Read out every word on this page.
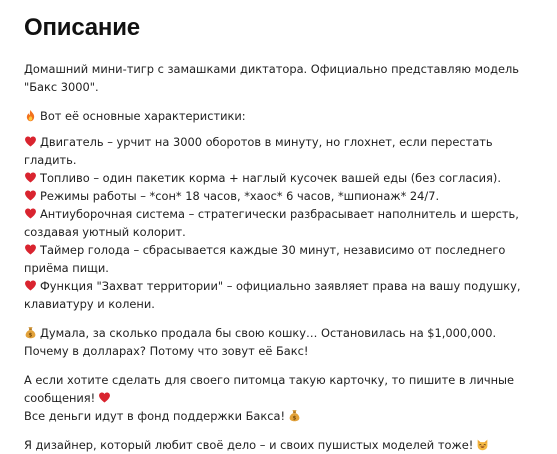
Описание

Домашний мини-тигр с замашками диктатора. Официально представляю модель "Бакс 3000".

Вот её основные характеристики:

Двигатель – урчит на 3000 оборотов в минуту, но глохнет, если перестать гладить.
Топливо – один пакетик корма + наглый кусочек вашей еды (без согласия).
Режимы работы – *сон* 18 часов, *хаос* 6 часов, *шпионаж* 24/7.
Антиуборочная система – стратегически разбрасывает наполнитель и шерсть, создавая уютный колорит.
Таймер голода – сбрасывается каждые 30 минут, независимо от последнего приёма пищи.
Функция "Захват территории" – официально заявляет права на вашу подушку, клавиатуру и колени.

$ Думала, за сколько продала бы свою кошку… Остановилась на $1,000,000. Почему в долларах? Потому что зовут её Бакс!

А если хотите сделать для своего питомца такую карточку, то пишите в личные сообщения!
Все деньги идут в фонд поддержки Бакса! $

Я дизайнер, который любит своё дело – и своих пушистых моделей тоже!
